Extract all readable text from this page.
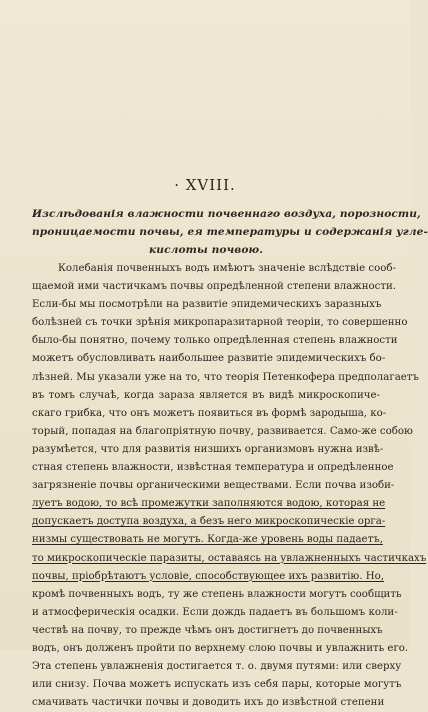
· XVIII.
Изслѣдованія влажности почвеннаго воздуха, порозности,
проницаемости почвы, ея температуры и содержанія угле-
кислоты почвою.
Колебанія почвенныхъ водъ имѣютъ значеніе вслѣдствіе сооб-
щаемой ими частичкамъ почвы опредѣленной степени влажности.
Если-бы мы посмотрѣли на развитіе эпидемическихъ заразныхъ
болѣзней съ точки зрѣнія микропаразитарной теоріи, то совершенно
было-бы понятно, почему только опредѣленная степень влажности
можетъ обусловливать наибольшее развитіе эпидемическихъ бо-
лѣзней. Мы указали уже на то, что теорія Петенкофера предполагаетъ
въ томъ случаѣ, когда зараза является въ видѣ микроскопиче-
скаго грибка, что онъ можетъ появиться въ формѣ зародыша, ко-
торый, попадая на благопріятную почву, развивается. Само-же собою
разумѣется, что для развитія низшихъ организмовъ нужна извѣ-
стная степень влажности, извѣстная температура и опредѣленное
загрязненіе почвы органическими веществами. Если почва изоби-
луетъ водою, то всѣ промежутки заполняются водою, которая не
допускаетъ доступа воздуха, а безъ него микроскопическіе орга-
низмы существовать не могутъ. Когда-же уровень воды падаетъ,
то микроскопическіе паразиты, оставаясь на увлажненныхъ частичкахъ
почвы, пріобрѣтаютъ условіе, способствующее ихъ развитію. Но,
кромѣ почвенныхъ водъ, ту же степень влажности могутъ сообщить
и атмосферическія осадки. Если дождь падаетъ въ большомъ коли-
чествѣ на почву, то прежде чѣмъ онъ достигнетъ до почвенныхъ
водъ, онъ долженъ пройти по верхнему слою почвы и увлажнить его.
Эта степень увлажненія достигается т. о. двумя путями: или сверху
или снизу. Почва можетъ испускать изъ себя пары, которые могутъ
смачивать частички почвы и доводить ихъ до извѣстной степени
